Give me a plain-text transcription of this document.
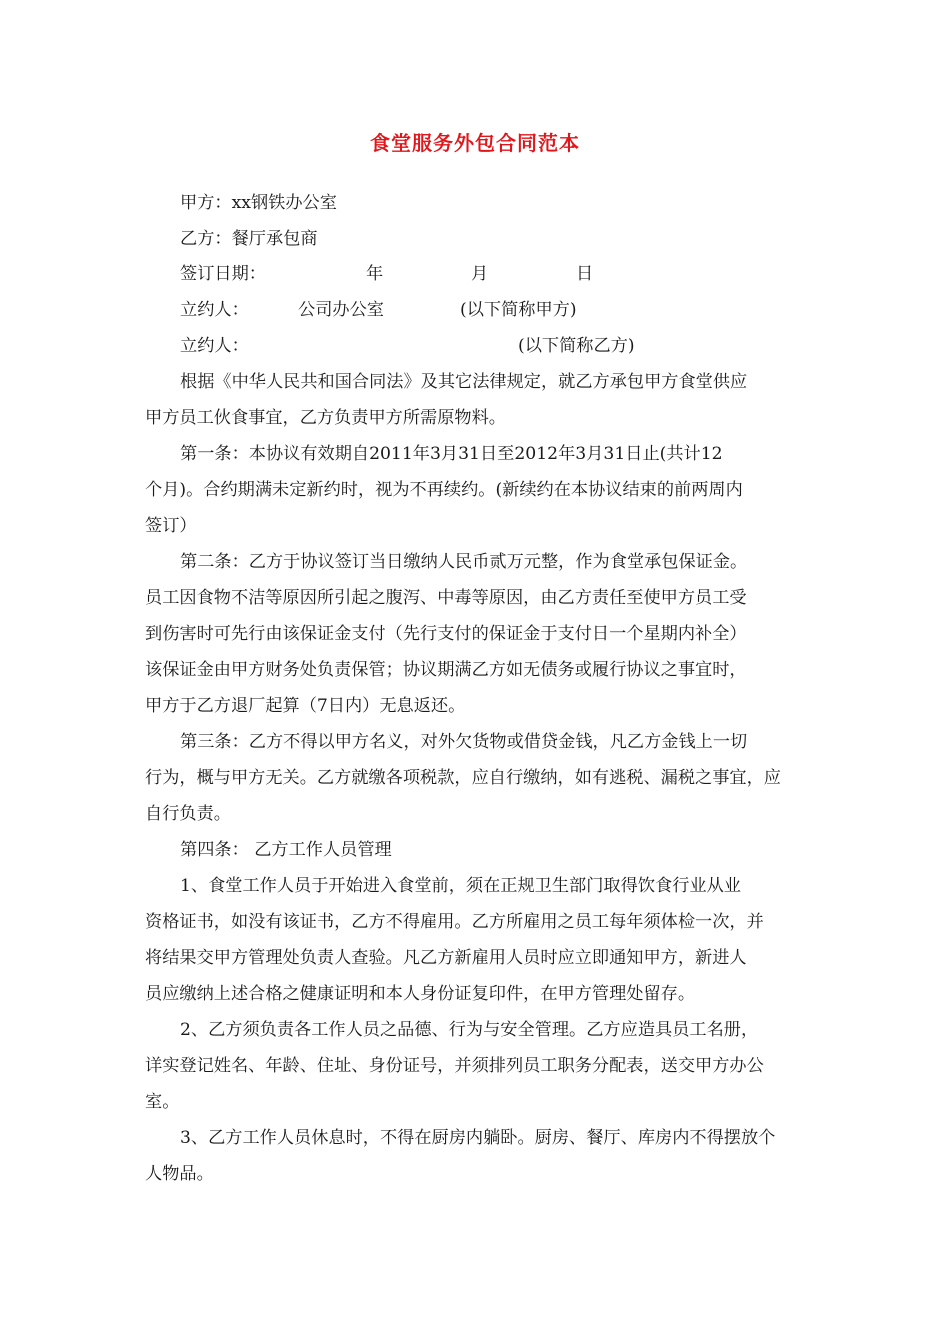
食堂服务外包合同范本
甲方：xx钢铁办公室
乙方：餐厅承包商
签订日期：	年	月	日
立约人：	公司办公室	(以下简称甲方)
立约人：	(以下简称乙方)
根据《中华人民共和国合同法》及其它法律规定，就乙方承包甲方食堂供应
甲方员工伙食事宜，乙方负责甲方所需原物料。
第一条：本协议有效期自2011年3月31日至2012年3月31日止(共计12
个月)。合约期满未定新约时，视为不再续约。(新续约在本协议结束的前两周内
签订）
第二条：乙方于协议签订当日缴纳人民币贰万元整，作为食堂承包保证金。
员工因食物不洁等原因所引起之腹泻、中毒等原因，由乙方责任至使甲方员工受
到伤害时可先行由该保证金支付（先行支付的保证金于支付日一个星期内补全）
该保证金由甲方财务处负责保管；协议期满乙方如无债务或履行协议之事宜时，
甲方于乙方退厂起算（7日内）无息返还。
第三条：乙方不得以甲方名义，对外欠货物或借贷金钱，凡乙方金钱上一切
行为，概与甲方无关。乙方就缴各项税款，应自行缴纳，如有逃税、漏税之事宜，应
自行负责。
第四条： 乙方工作人员管理
1、食堂工作人员于开始进入食堂前，须在正规卫生部门取得饮食行业从业
资格证书，如没有该证书，乙方不得雇用。乙方所雇用之员工每年须体检一次，并
将结果交甲方管理处负责人查验。凡乙方新雇用人员时应立即通知甲方，新进人
员应缴纳上述合格之健康证明和本人身份证复印件，在甲方管理处留存。
2、乙方须负责各工作人员之品德、行为与安全管理。乙方应造具员工名册，
详实登记姓名、年龄、住址、身份证号，并须排列员工职务分配表，送交甲方办公
室。
3、乙方工作人员休息时，不得在厨房内躺卧。厨房、餐厅、库房内不得摆放个
人物品。
